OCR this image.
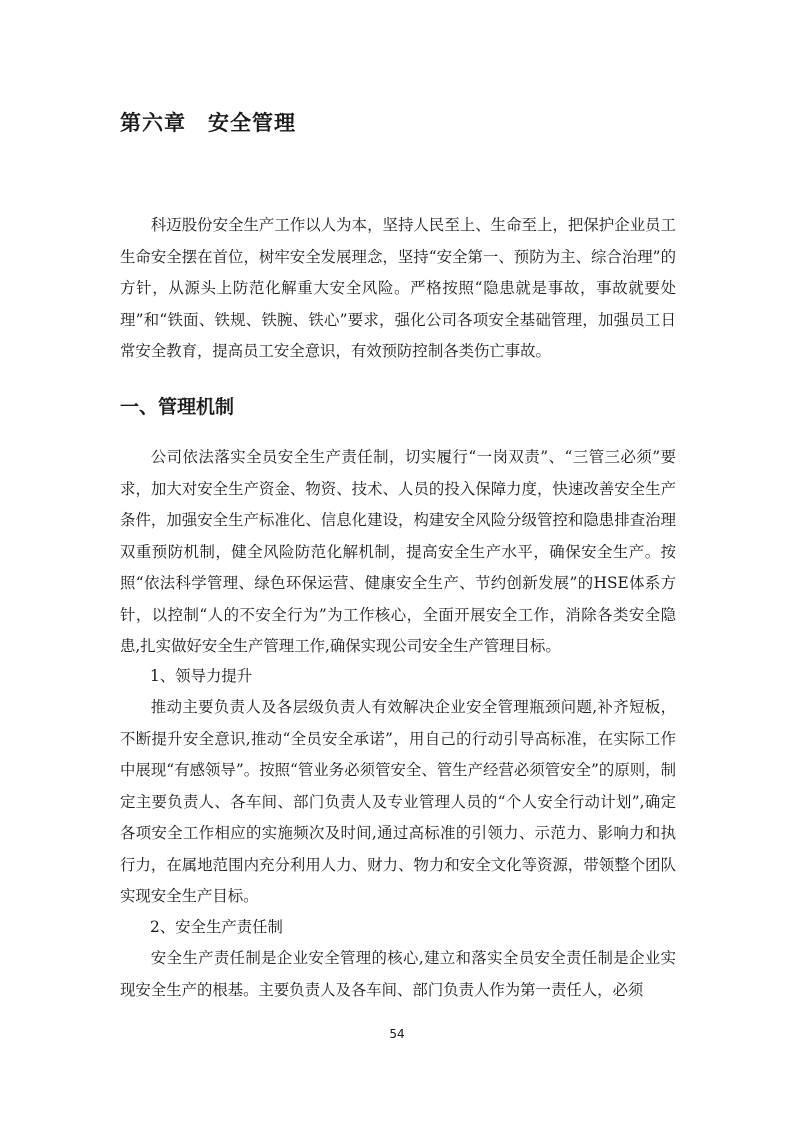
第六章　安全管理

科迈股份安全生产工作以人为本，坚持人民至上、生命至上，把保护企业员工生命安全摆在首位，树牢安全发展理念，坚持“安全第一、预防为主、综合治理”的方针，从源头上防范化解重大安全风险。严格按照“隐患就是事故，事故就要处理”和“铁面、铁规、铁腕、铁心”要求，强化公司各项安全基础管理，加强员工日常安全教育，提高员工安全意识，有效预防控制各类伤亡事故。

一、管理机制

公司依法落实全员安全生产责任制，切实履行“一岗双责”、“三管三必须”要求，加大对安全生产资金、物资、技术、人员的投入保障力度，快速改善安全生产条件，加强安全生产标准化、信息化建设，构建安全风险分级管控和隐患排查治理双重预防机制，健全风险防范化解机制，提高安全生产水平，确保安全生产。按照“依法科学管理、绿色环保运营、健康安全生产、节约创新发展”的HSE体系方针，以控制“人的不安全行为”为工作核心，全面开展安全工作，消除各类安全隐患,扎实做好安全生产管理工作,确保实现公司安全生产管理目标。

1、领导力提升

推动主要负责人及各层级负责人有效解决企业安全管理瓶颈问题,补齐短板，不断提升安全意识,推动“全员安全承诺”，用自己的行动引导高标准，在实际工作中展现“有感领导”。按照“管业务必须管安全、管生产经营必须管安全”的原则，制定主要负责人、各车间、部门负责人及专业管理人员的“个人安全行动计划”,确定各项安全工作相应的实施频次及时间,通过高标准的引领力、示范力、影响力和执行力，在属地范围内充分利用人力、财力、物力和安全文化等资源，带领整个团队实现安全生产目标。

2、安全生产责任制

安全生产责任制是企业安全管理的核心,建立和落实全员安全责任制是企业实现安全生产的根基。主要负责人及各车间、部门负责人作为第一责任人，必须

54
